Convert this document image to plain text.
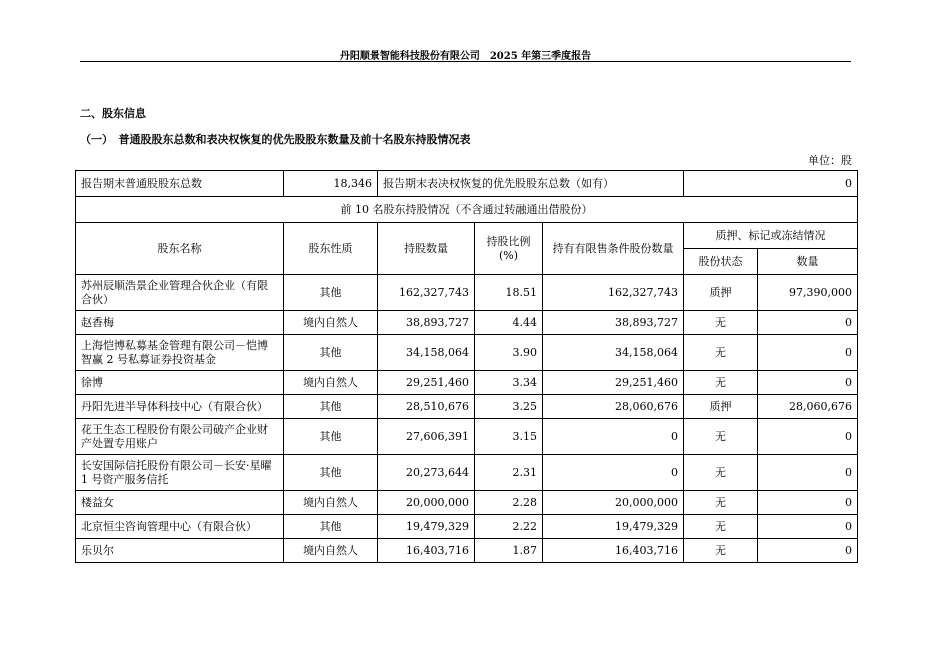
丹阳顺景智能科技股份有限公司　2025 年第三季度报告
二、股东信息
（一）　普通股股东总数和表决权恢复的优先股股东数量及前十名股东持股情况表
单位：股
报告期末普通股股东总数	18,346	报告期末表决权恢复的优先股股东总数（如有）			0	
前 10 名股东持股情况（不含通过转融通出借股份）						
股东名称	股东性质	持股数量	持股比例(%)	持有有限售条件股份数量	质押、标记或冻结情况	
					股份状态	数量
苏州辰顺浩景企业管理合伙企业（有限合伙）	其他	162,327,743	18.51	162,327,743	质押	97,390,000
赵香梅	境内自然人	38,893,727	4.44	38,893,727	无	0
上海恺博私募基金管理有限公司－恺博智赢 2 号私募证券投资基金	其他	34,158,064	3.90	34,158,064	无	0
徐博	境内自然人	29,251,460	3.34	29,251,460	无	0
丹阳先进半导体科技中心（有限合伙）	其他	28,510,676	3.25	28,060,676	质押	28,060,676
花王生态工程股份有限公司破产企业财产处置专用账户	其他	27,606,391	3.15	0	无	0
长安国际信托股份有限公司－长安·星曜 1 号资产服务信托	其他	20,273,644	2.31	0	无	0
楼益女	境内自然人	20,000,000	2.28	20,000,000	无	0
北京恒尘咨询管理中心（有限合伙）	其他	19,479,329	2.22	19,479,329	无	0
乐贝尔	境内自然人	16,403,716	1.87	16,403,716	无	0
